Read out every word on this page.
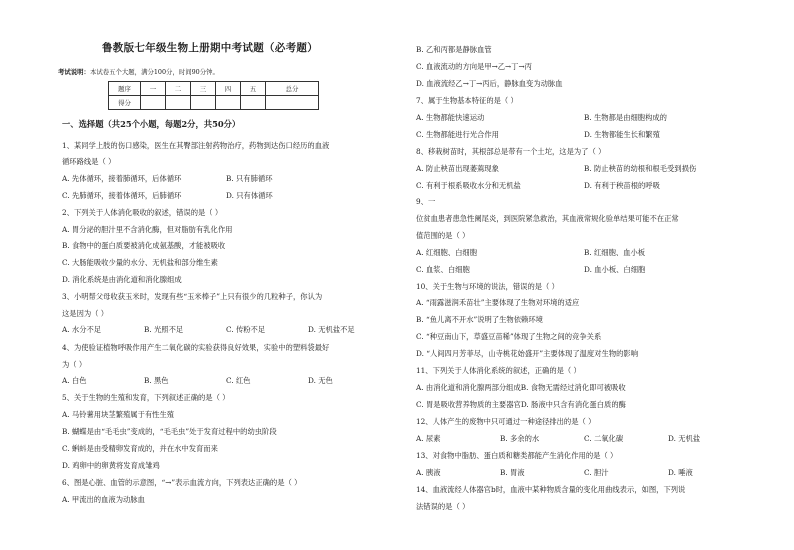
鲁教版七年级生物上册期中考试题（必考题）
考试说明：本试卷五个大题，满分100分，时间90分钟。
题序	一	二	三	四	五	总分
得分						
一、选择题（共25个小题，每题2分，共50分）
1、某同学上肢的伤口感染，医生在其臀部注射药物治疗，药物到达伤口经历的血液
循环路线是（ ）
A. 先体循环，接着肺循环，后体循环	B. 只有肺循环
C. 先肺循环，接着体循环，后肺循环	D. 只有体循环
2、下列关于人体消化吸收的叙述，错误的是（ ）
A. 胃分泌的胆汁里不含消化酶，但对脂肪有乳化作用
B. 食物中的蛋白质要被消化成氨基酸，才能被吸收
C. 大肠能吸收少量的水分、无机盐和部分维生素
D. 消化系统是由消化道和消化腺组成
3、小明帮父母收获玉米时，发现有些“玉米棒子”上只有很少的几粒种子，你认为
这是因为（ ）
A. 水分不足	B. 光照不足	C. 传粉不足	D. 无机盐不足
4、为使验证植物呼吸作用产生二氧化碳的实验获得良好效果，实验中的塑料袋最好
为（ ）
A. 白色	B. 黑色	C. 红色	D. 无色
5、关于生物的生殖和发育，下列叙述正确的是（ ）
A. 马铃薯用块茎繁殖属于有性生殖
B. 蝴蝶是由“毛毛虫”变成的，“毛毛虫”处于发育过程中的幼虫阶段
C. 蝌蚪是由受精卵发育成的，并在水中发育而来
D. 鸡卵中的卵黄将发育成雏鸡
6、图是心脏、血管的示意图，“→”表示血流方向，下列表达正确的是（ ）
A. 甲流出的血液为动脉血
B. 乙和丙都是静脉血管
C. 血液流动的方向是甲→乙→丁→丙
D. 血液流经乙→丁→丙后，静脉血变为动脉血
7、属于生物基本特征的是（ ）
A. 生物都能快速运动	B. 生物都是由细胞构成的
C. 生物都能进行光合作用	D. 生物都能生长和繁殖
8、移栽树苗时，其根部总是带有一个土坨，这是为了（ ）
A. 防止秧苗出现萎蔫现象	B. 防止秧苗的幼根和根毛受到损伤
C. 有利于根系吸收水分和无机盐	D. 有利于秧苗根的呼吸
9、一
位贫血患者患急性阑尾炎，到医院紧急救治，其血液常规化验单结果可能不在正常
值范围的是（ ）
A. 红细胞、白细胞	B. 红细胞、血小板
C. 血浆、白细胞	D. 血小板、白细胞
10、关于生物与环境的说法，错误的是（ ）
A. “雨露滋润禾苗壮”主要体现了生物对环境的适应
B. “鱼儿离不开水”说明了生物依赖环境
C. “种豆南山下，草盛豆苗稀”体现了生物之间的竞争关系
D. “人间四月芳菲尽，山寺桃花始盛开”主要体现了温度对生物的影响
11、下列关于人体消化系统的叙述，正确的是（ ）
A. 由消化道和消化腺两部分组成B. 食物无需经过消化即可被吸收
C. 胃是吸收营养物质的主要器官D. 肠液中只含有消化蛋白质的酶
12、人体产生的废物中只可通过一种途径排出的是（ ）
A. 尿素	B. 多余的水	C. 二氧化碳	D. 无机盐
13、对食物中脂肪、蛋白质和糖类都能产生消化作用的是（ ）
A. 胰液	B. 胃液	C. 胆汁	D. 唾液
14、血液流经人体器官b时，血液中某种物质含量的变化用曲线表示，如图，下列说
法错误的是（ ）
